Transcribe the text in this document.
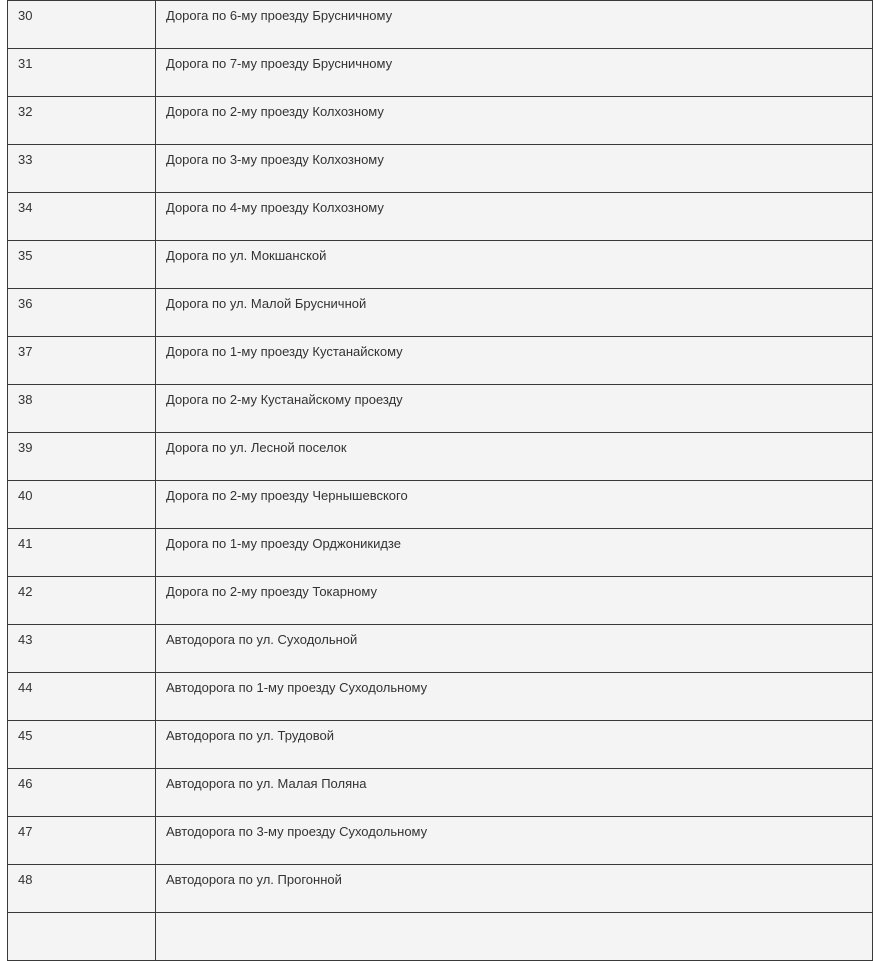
30	Дорога по 6-му проезду Брусничному
31	Дорога по 7-му проезду Брусничному
32	Дорога по 2-му проезду Колхозному
33	Дорога по 3-му проезду Колхозному
34	Дорога по 4-му проезду Колхозному
35	Дорога по ул. Мокшанской
36	Дорога по ул. Малой Брусничной
37	Дорога по 1-му проезду Кустанайскому
38	Дорога по 2-му Кустанайскому проезду
39	Дорога по ул. Лесной поселок
40	Дорога по 2-му проезду Чернышевского
41	Дорога по 1-му проезду Орджоникидзе
42	Дорога по 2-му проезду Токарному
43	Автодорога по ул. Суходольной
44	Автодорога по 1-му проезду Суходольному
45	Автодорога по ул. Трудовой
46	Автодорога по ул. Малая Поляна
47	Автодорога по 3-му проезду Суходольному
48	Автодорога по ул. Прогонной
